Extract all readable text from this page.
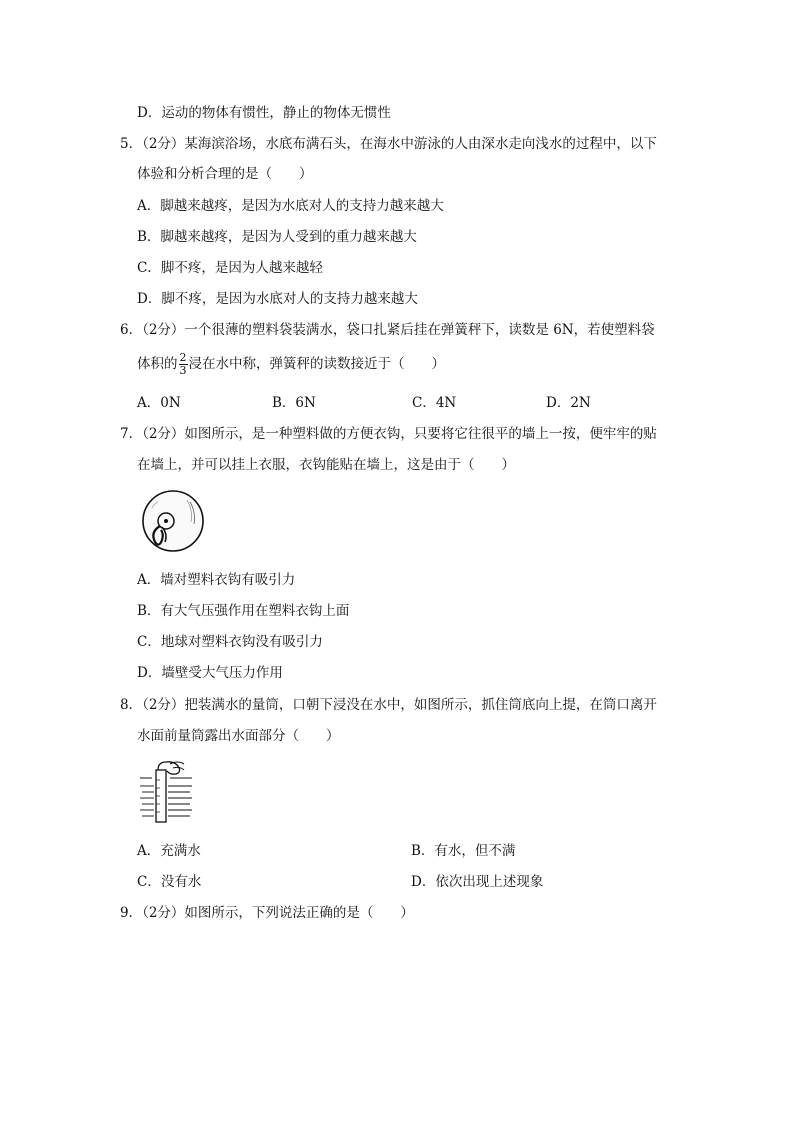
D．运动的物体有惯性，静止的物体无惯性
5．（2分）某海滨浴场，水底布满石头，在海水中游泳的人由深水走向浅水的过程中，以下
体验和分析合理的是（　　）
A．脚越来越疼，是因为水底对人的支持力越来越大
B．脚越来越疼，是因为人受到的重力越来越大
C．脚不疼，是因为人越来越轻
D．脚不疼，是因为水底对人的支持力越来越大
6．（2分）一个很薄的塑料袋装满水，袋口扎紧后挂在弹簧秤下，读数是 6N，若使塑料袋
体积的 $\frac{2}{3}$ 浸在水中称，弹簧秤的读数接近于（　　）
A．0N	B．6N	C．4N	D．2N
7．（2分）如图所示，是一种塑料做的方便衣钩，只要将它往很平的墙上一按，便牢牢的贴
在墙上，并可以挂上衣服，衣钩能贴在墙上，这是由于（　　）
A．墙对塑料衣钩有吸引力
B．有大气压强作用在塑料衣钩上面
C．地球对塑料衣钩没有吸引力
D．墙壁受大气压力作用
8．（2分）把装满水的量筒，口朝下浸没在水中，如图所示，抓住筒底向上提，在筒口离开
水面前量筒露出水面部分（　　）
A．充满水	B．有水，但不满
C．没有水	D．依次出现上述现象
9．（2分）如图所示，下列说法正确的是（　　）
